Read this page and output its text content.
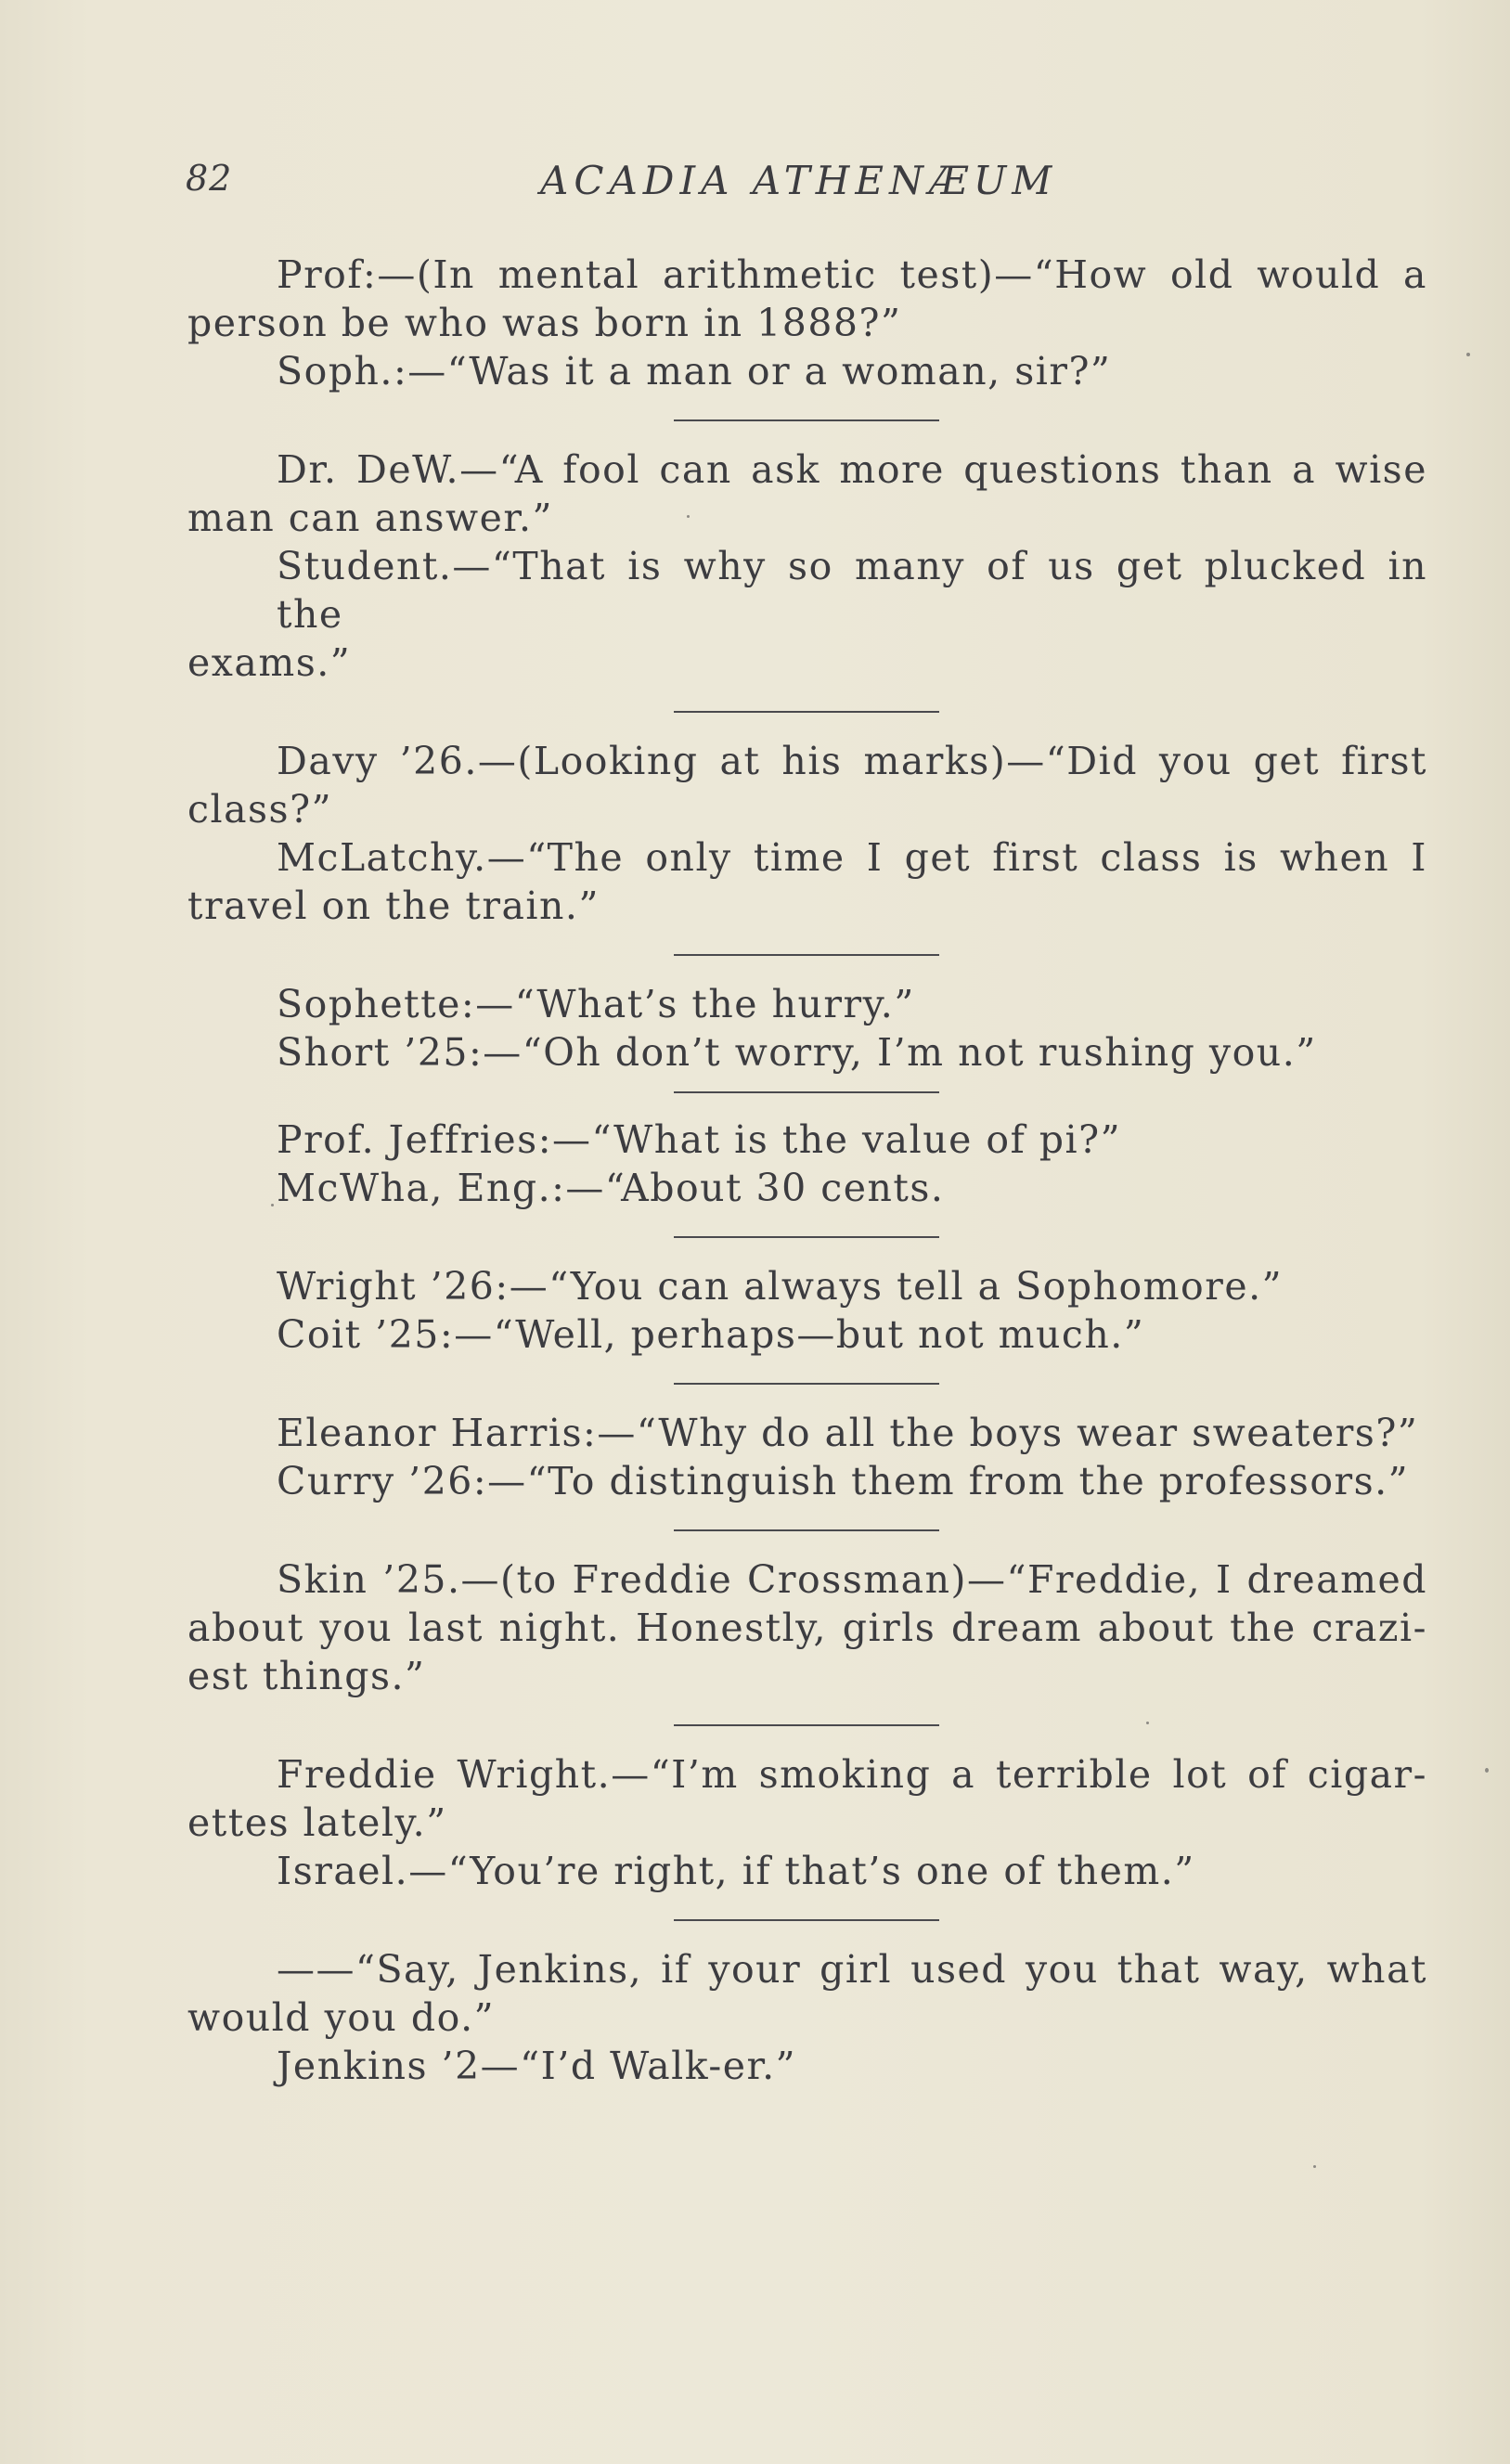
82	ACADIA ATHENÆUM
Prof:—(In mental arithmetic test)—“How old would a
person be who was born in 1888?”
Soph.:—“Was it a man or a woman, sir?”
Dr. DeW.—“A fool can ask more questions than a wise
man can answer.”
Student.—“That is why so many of us get plucked in the
exams.”
Davy ’26.—(Looking at his marks)—“Did you get first
class?”
McLatchy.—“The only time I get first class is when I
travel on the train.”
Sophette:—“What’s the hurry.”
Short ’25:—“Oh don’t worry, I’m not rushing you.”
Prof. Jeffries:—“What is the value of pi?”
McWha, Eng.:—“About 30 cents.
Wright ’26:—“You can always tell a Sophomore.”
Coit ’25:—“Well, perhaps—but not much.”
Eleanor Harris:—“Why do all the boys wear sweaters?”
Curry ’26:—“To distinguish them from the professors.”
Skin ’25.—(to Freddie Crossman)—“Freddie, I dreamed
about you last night. Honestly, girls dream about the crazi-
est things.”
Freddie Wright.—“I’m smoking a terrible lot of cigar-
ettes lately.”
Israel.—“You’re right, if that’s one of them.”
——“Say, Jenkins, if your girl used you that way, what
would you do.”
Jenkins ’2—“I’d Walk-er.”
